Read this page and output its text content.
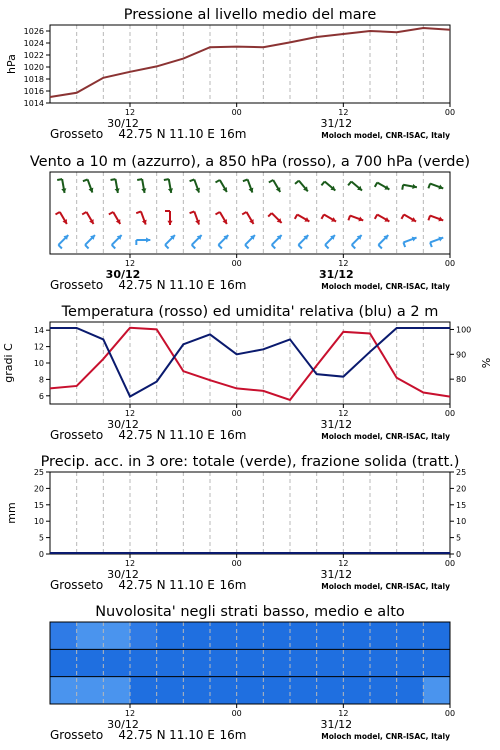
Pressione al livello medio del mare
12	00	12	00
30/12	31/12
Grosseto 42.75 N 11.10 E 16m	Moloch model, CNR-ISAC, Italy
1014
1016
1018
1020
1022
1024
1026
hPa
Vento a 10 m (azzurro), a 850 hPa (rosso), a 700 hPa (verde)
12	00	12	00
30/12	31/12
Grosseto 42.75 N 11.10 E 16m	Moloch model, CNR-ISAC, Italy
Temperatura (rosso) ed umidita' relativa (blu) a 2 m
12	00	12	00
30/12	31/12
Grosseto 42.75 N 11.10 E 16m	Moloch model, CNR-ISAC, Italy
6
8
10
12
14
80
90
100
gradi C	%
Precip. acc. in 3 ore: totale (verde), frazione solida (tratt.)
12	00	12	00
30/12	31/12
Grosseto 42.75 N 11.10 E 16m	Moloch model, CNR-ISAC, Italy
0	0
5	5
10	10
15	15
20	20
25	25
mm
Nuvolosita' negli strati basso, medio e alto
12	00	12	00
30/12	31/12
Grosseto 42.75 N 11.10 E 16m	Moloch model, CNR-ISAC, Italy
